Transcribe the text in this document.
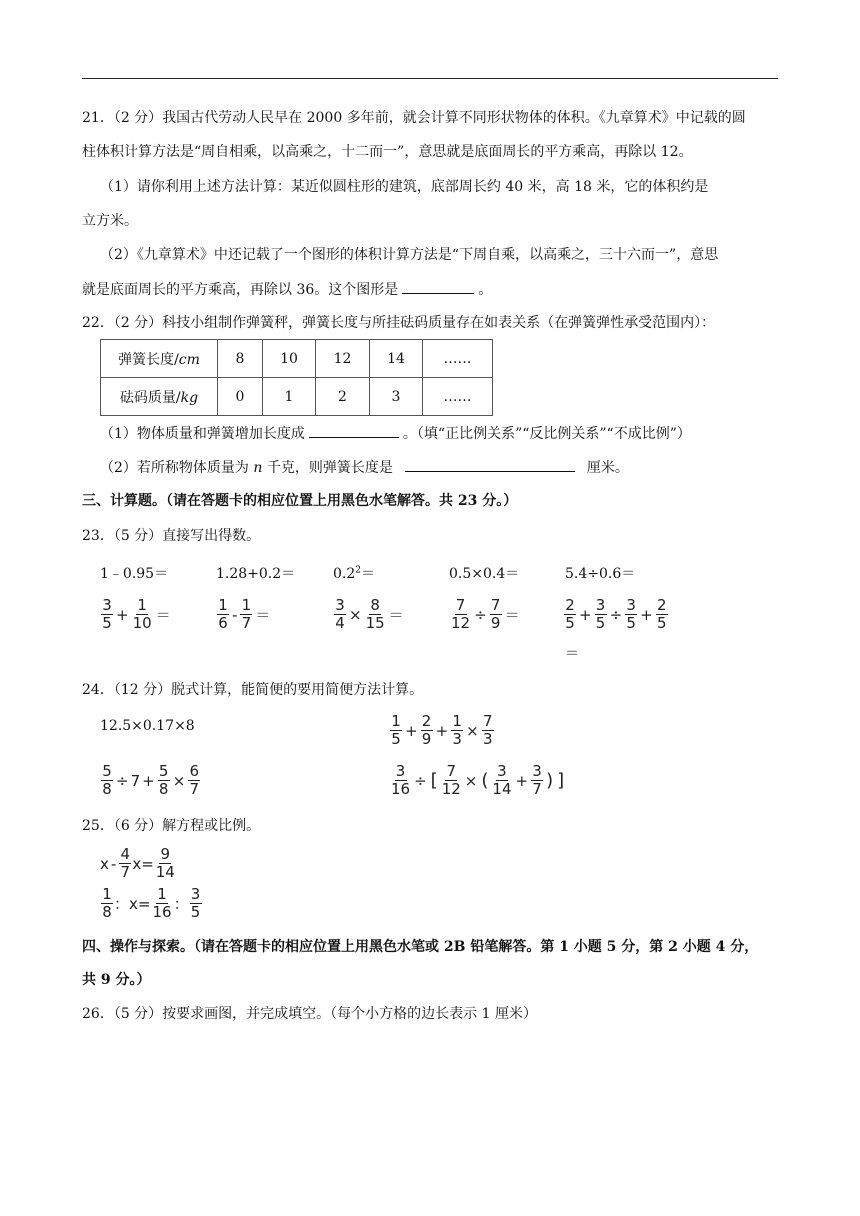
21．（2 分）我国古代劳动人民早在 2000 多年前，就会计算不同形状物体的体积。《九章算术》中记载的圆
柱体积计算方法是“周自相乘，以高乘之，十二而一”，意思就是底面周长的平方乘高，再除以 12。
（1）请你利用上述方法计算：某近似圆柱形的建筑，底部周长约 40 米，高 18 米，它的体积约是
立方米。
（2）《九章算术》中还记载了一个图形的体积计算方法是“下周自乘，以高乘之，三十六而一”，意思
就是底面周长的平方乘高，再除以 36。这个图形是	。
22．（2 分）科技小组制作弹簧秤，弹簧长度与所挂砝码质量存在如表关系（在弹簧弹性承受范围内）：
弹簧长度/cm	8	10	12	14	……
砝码质量/kg	0	1	2	3	……
（1）物体质量和弹簧增加长度成	。（填“正比例关系”“反比例关系”“不成比例”）
（2）若所称物体质量为 n 千克，则弹簧长度是	厘米。
三、计算题。（请在答题卡的相应位置上用黑色水笔解答。共 23 分。）
23．（5 分）直接写出得数。
1﹣0.95＝	1.28+0.2＝	$0.2^2=$	0.5×0.4＝	5.4÷0.6＝
$\frac{3}{5} + \frac{1}{10}$ ＝	$\frac{1}{6} - \frac{1}{7}$ ＝	$\frac{3}{4} \times \frac{8}{15}$ ＝	$\frac{7}{12} \div \frac{7}{9}$ ＝	$\frac{2}{5} + \frac{3}{5} \div \frac{3}{5} + \frac{2}{5}$
＝
24．（12 分）脱式计算，能简便的要用简便方法计算。
12.5×0.17×8	$\frac{1}{5} + \frac{2}{9} + \frac{1}{3} \times \frac{7}{3}$
$\frac{5}{8} \div 7 + \frac{5}{8} \times \frac{6}{7}$	$\frac{3}{16}$ ÷ [ $\frac{7}{12}$ × ( $\frac{3}{14} + \frac{3}{7}$ ) ]
25．（6 分）解方程或比例。
$x - \frac{4}{7} x= \frac{9}{14}$
$\frac{1}{8}$ ： $x= \frac{1}{16}$ ： $\frac{3}{5}$
四、操作与探索。（请在答题卡的相应位置上用黑色水笔或 2B 铅笔解答。第 1 小题 5 分，第 2 小题 4 分，
共 9 分。）
26．（5 分）按要求画图，并完成填空。（每个小方格的边长表示 1 厘米）
